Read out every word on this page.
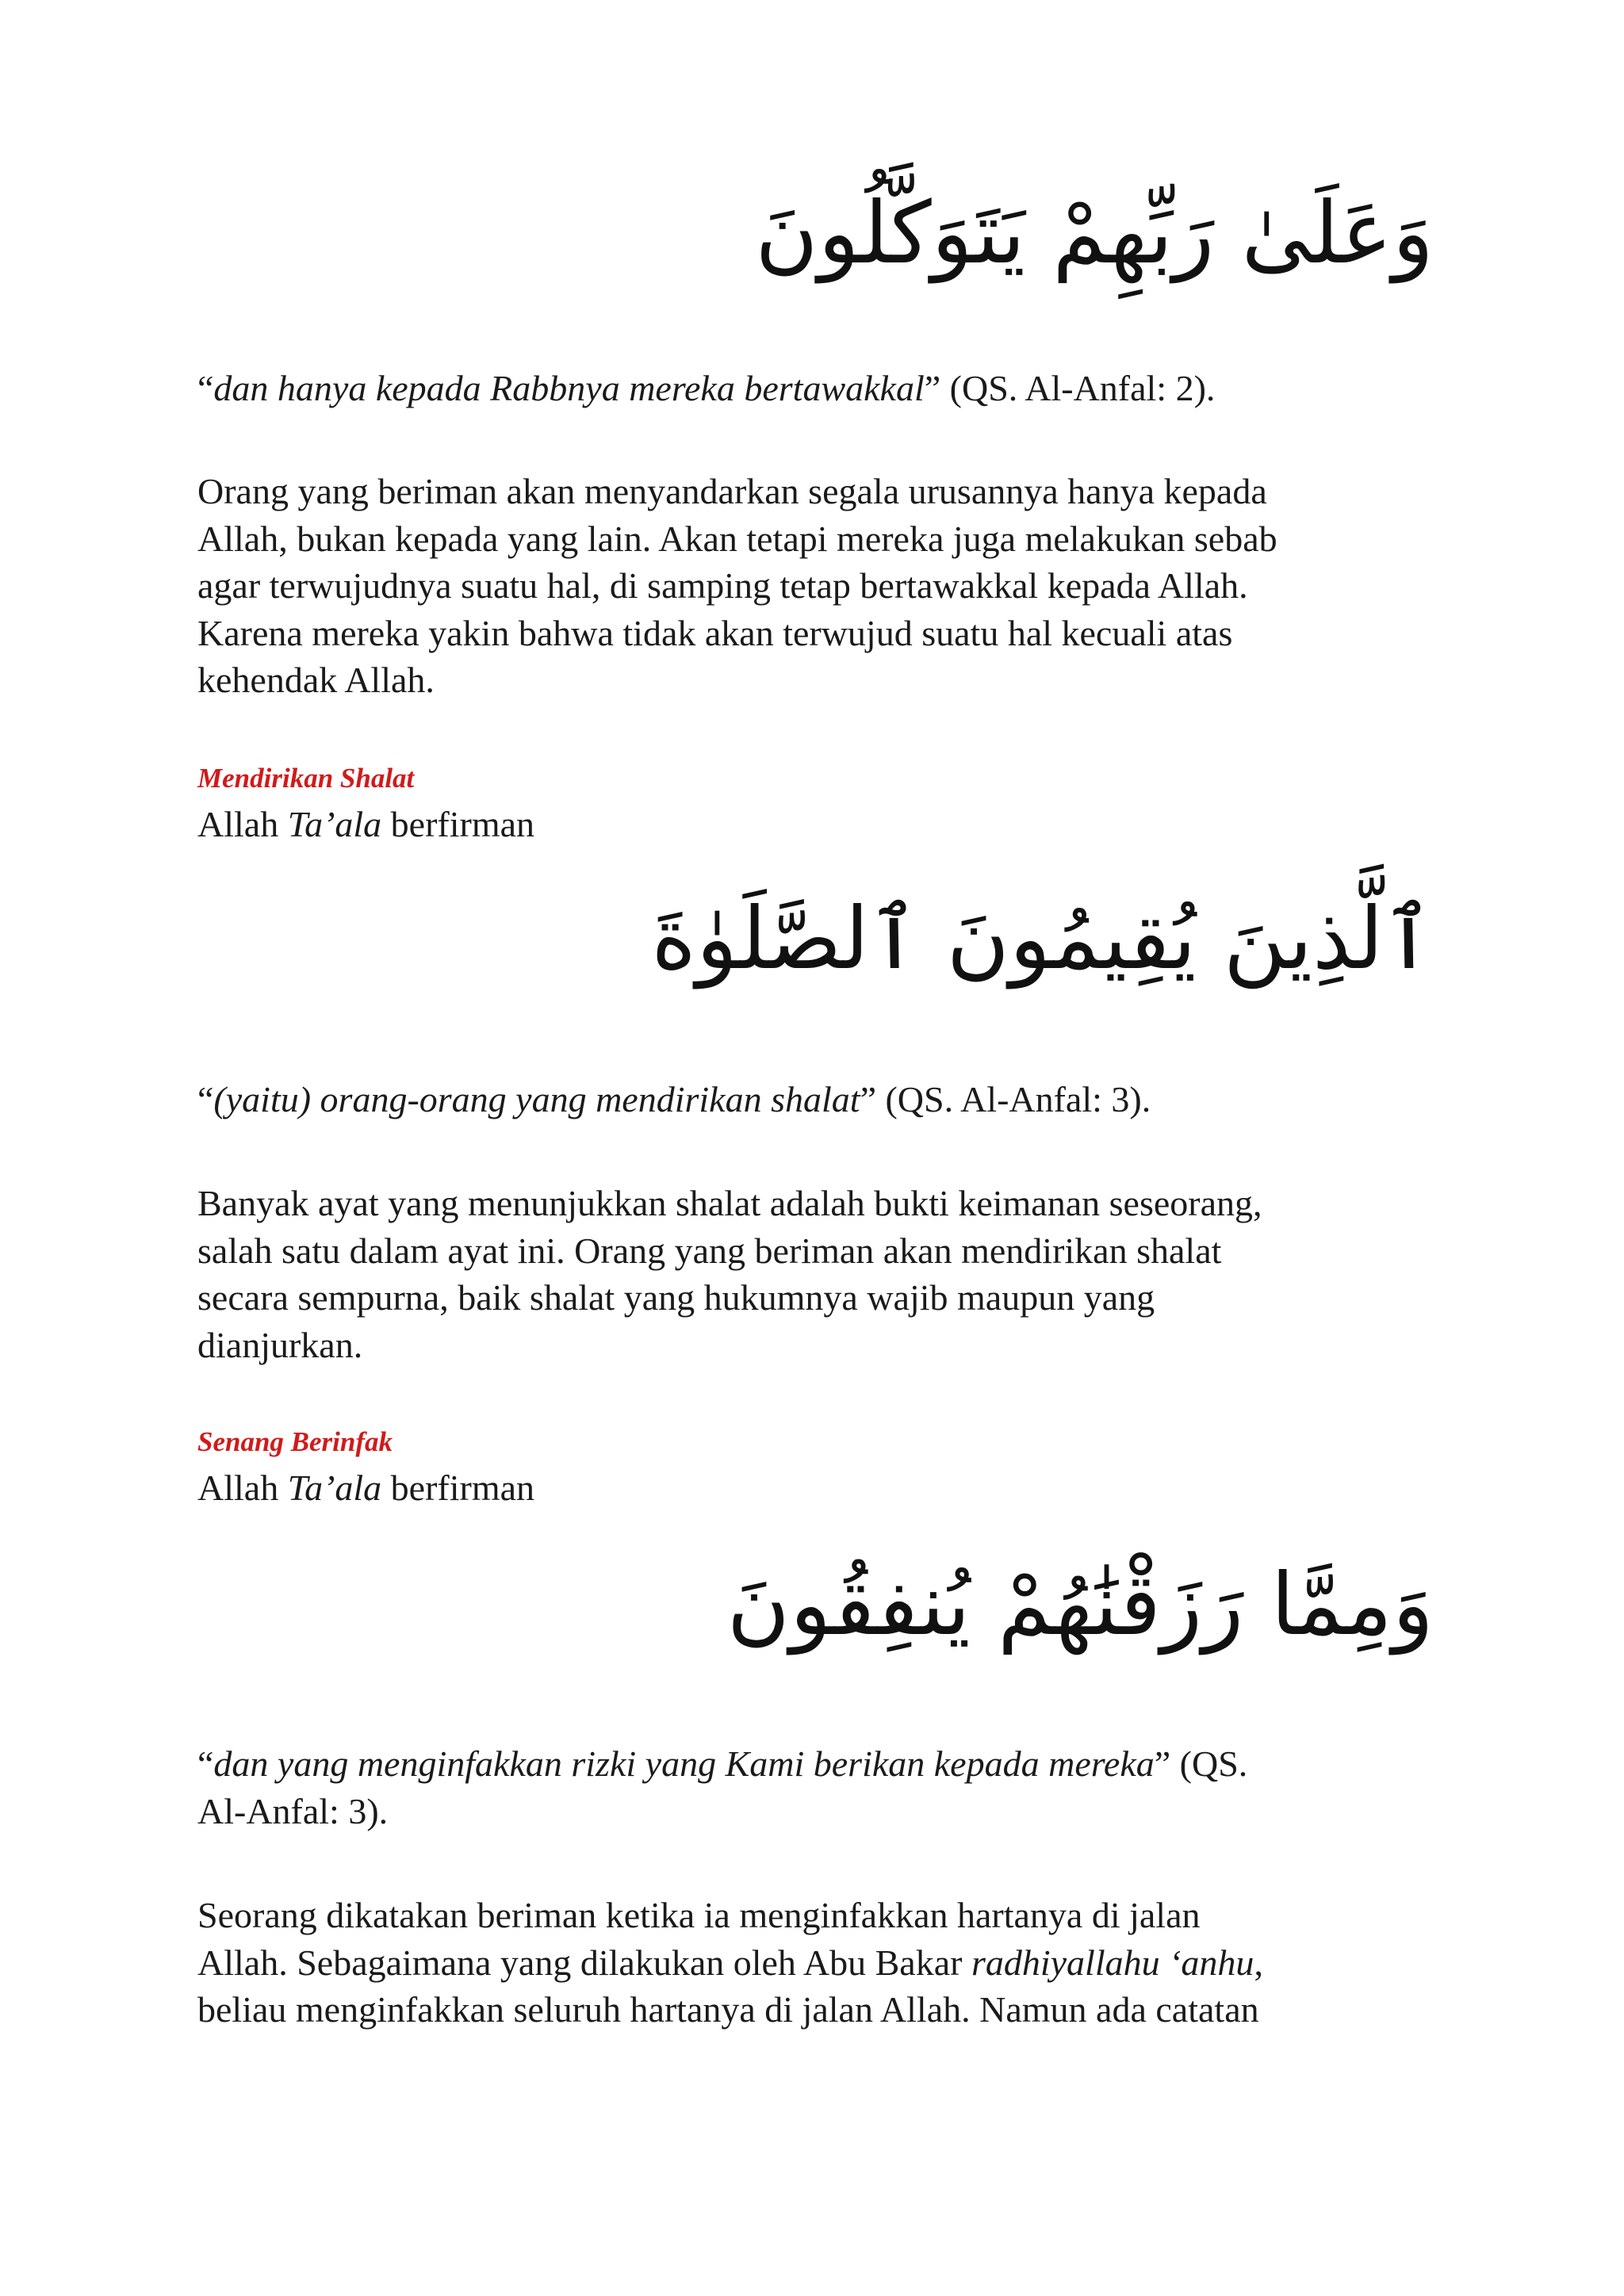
وَعَلَىٰ رَبِّهِمْ يَتَوَكَّلُونَ
“dan hanya kepada Rabbnya mereka bertawakkal” (QS. Al-Anfal: 2).
Orang yang beriman akan menyandarkan segala urusannya hanya kepada
Allah, bukan kepada yang lain. Akan tetapi mereka juga melakukan sebab
agar terwujudnya suatu hal, di samping tetap bertawakkal kepada Allah.
Karena mereka yakin bahwa tidak akan terwujud suatu hal kecuali atas
kehendak Allah.
Mendirikan Shalat
Allah Ta’ala berfirman
ٱلَّذِينَ يُقِيمُونَ ٱلصَّلَوٰةَ
“(yaitu) orang-orang yang mendirikan shalat” (QS. Al-Anfal: 3).
Banyak ayat yang menunjukkan shalat adalah bukti keimanan seseorang,
salah satu dalam ayat ini. Orang yang beriman akan mendirikan shalat
secara sempurna, baik shalat yang hukumnya wajib maupun yang
dianjurkan.
Senang Berinfak
Allah Ta’ala berfirman
وَمِمَّا رَزَقْنَٰهُمْ يُنفِقُونَ
“dan yang menginfakkan rizki yang Kami berikan kepada mereka” (QS.
Al-Anfal: 3).
Seorang dikatakan beriman ketika ia menginfakkan hartanya di jalan
Allah. Sebagaimana yang dilakukan oleh Abu Bakar radhiyallahu ‘anhu,
beliau menginfakkan seluruh hartanya di jalan Allah. Namun ada catatan
